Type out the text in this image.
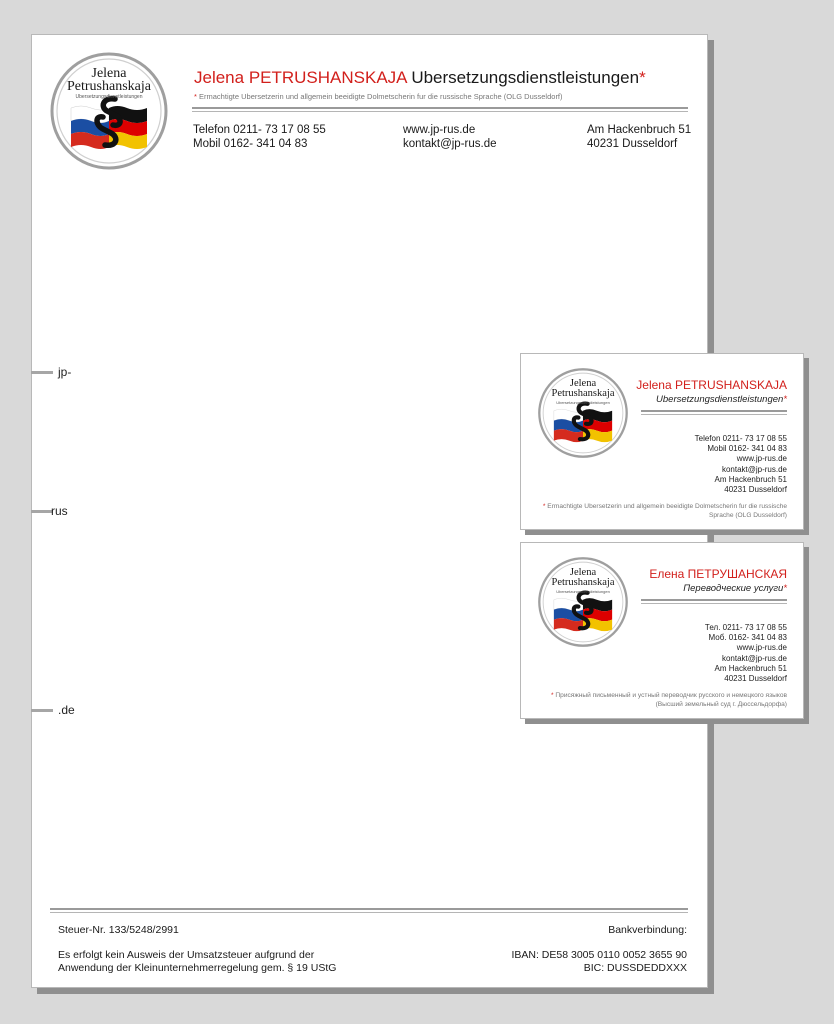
Jelena
Petrushanskaja
Ubersetzungsdienstleistungen
Jelena PETRUSHANSKAJA Ubersetzungsdienstleistungen*
* Ermachtigte Ubersetzerin und allgemein beeidigte Dolmetscherin fur die russische Sprache (OLG Dusseldorf)
Telefon 0211- 73 17 08 55
Mobil 0162- 341 04 83
www.jp-rus.de
kontakt@jp-rus.de
Am Hackenbruch 51
40231 Dusseldorf
Steuer-Nr. 133/5248/2991	Bankverbindung:
Es erfolgt kein Ausweis der Umsatzsteuer aufgrund der
Anwendung der Kleinunternehmerregelung gem. § 19 UStG
IBAN: DE58 3005 0110 0052 3655 90
BIC: DUSSDEDDXXX
jp-
rus
.de
Jelena
Petrushanskaja
Ubersetzungsdienstleistungen
Jelena PETRUSHANSKAJA
Ubersetzungsdienstleistungen*
Telefon 0211- 73 17 08 55
Mobil 0162- 341 04 83
www.jp-rus.de
kontakt@jp-rus.de
Am Hackenbruch 51
40231 Dusseldorf
* Ermachtigte Ubersetzerin und allgemein beeidigte Dolmetscherin fur die russische
Sprache (OLG Dusseldorf)
Jelena
Petrushanskaja
Ubersetzungsdienstleistungen
Елена ПЕТРУШАНСКАЯ
Переводческие услуги*
Тел. 0211- 73 17 08 55
Моб. 0162- 341 04 83
www.jp-rus.de
kontakt@jp-rus.de
Am Hackenbruch 51
40231 Dusseldorf
* Присяжный письменный и устный переводчик русского и немецкого языков
(Высший земельный суд г. Дюссельдорфа)
